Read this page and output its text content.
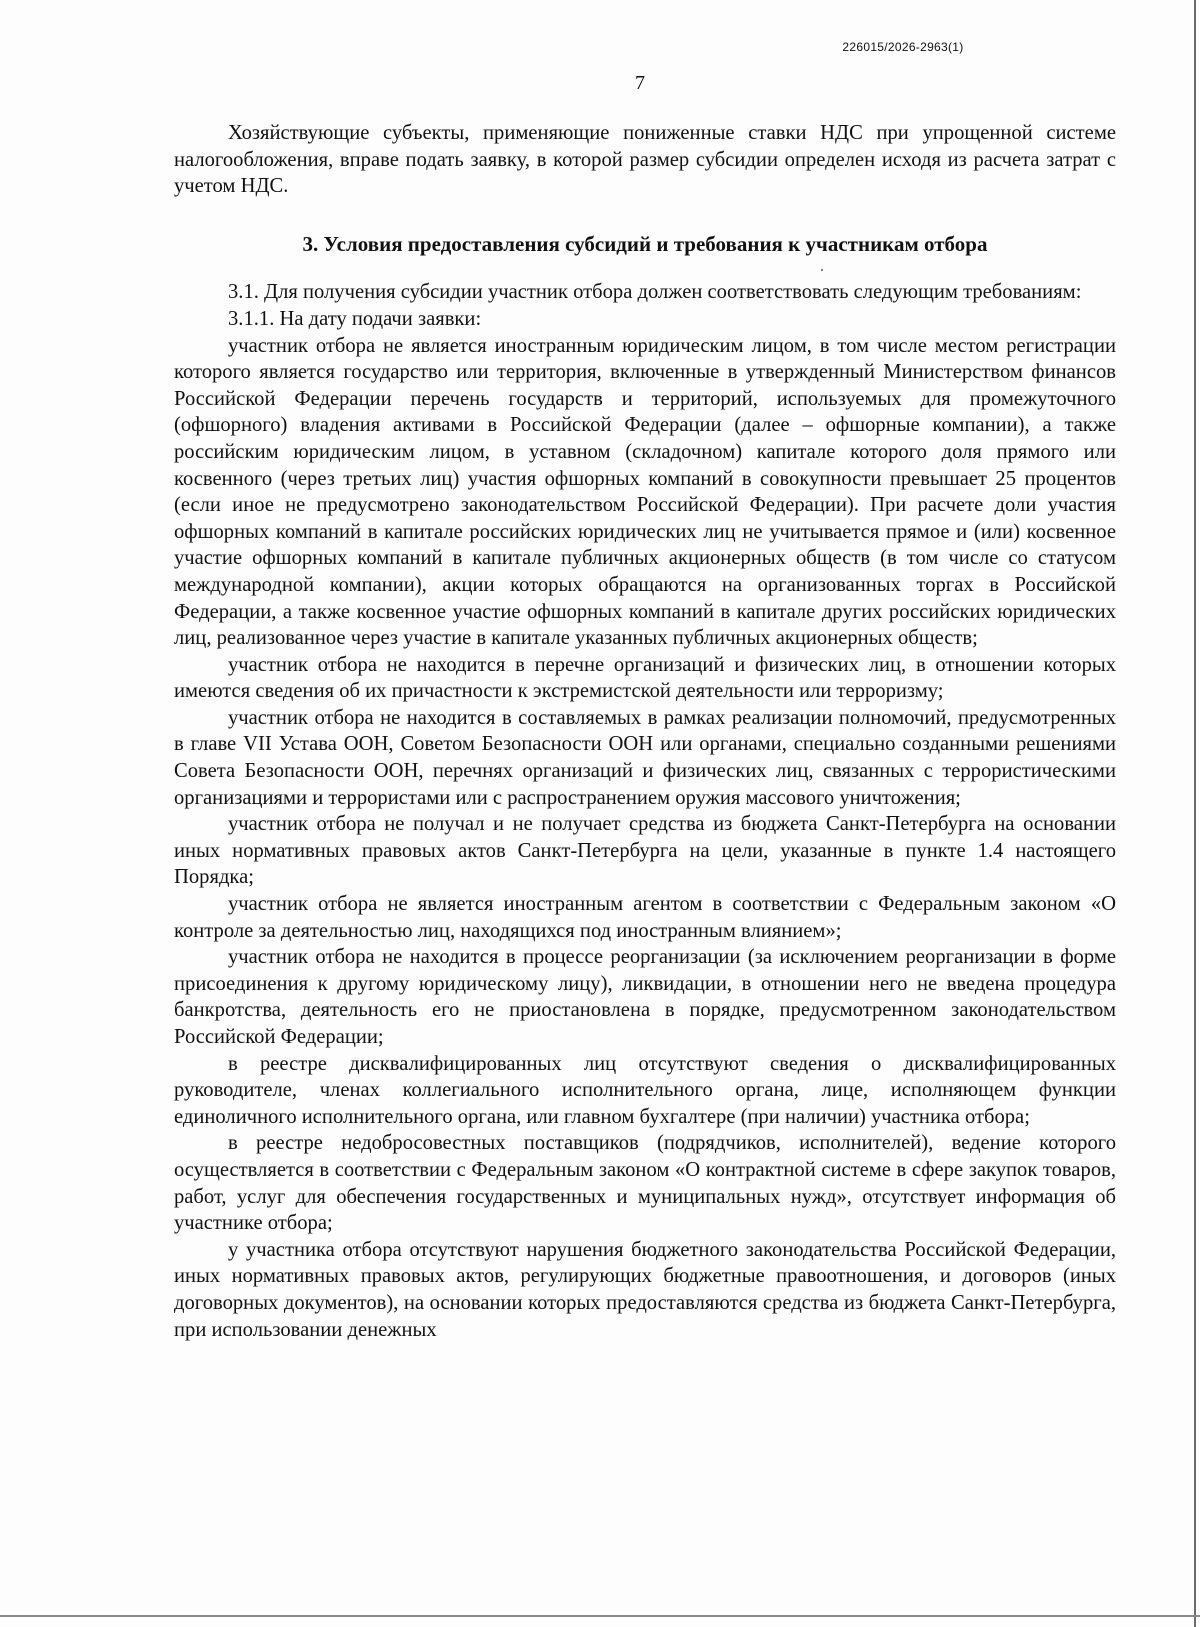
226015/2026-2963(1)
7

Хозяйствующие субъекты, применяющие пониженные ставки НДС при упрощенной системе налогообложения, вправе подать заявку, в которой размер субсидии определен исходя из расчета затрат с учетом НДС.

3. Условия предоставления субсидий и требования к участникам отбора

3.1. Для получения субсидии участник отбора должен соответствовать следующим требованиям:

3.1.1. На дату подачи заявки:

участник отбора не является иностранным юридическим лицом, в том числе местом регистрации которого является государство или территория, включенные в утвержденный Министерством финансов Российской Федерации перечень государств и территорий, используемых для промежуточного (офшорного) владения активами в Российской Федерации (далее – офшорные компании), а также российским юридическим лицом, в уставном (складочном) капитале которого доля прямого или косвенного (через третьих лиц) участия офшорных компаний в совокупности превышает 25 процентов (если иное не предусмотрено законодательством Российской Федерации). При расчете доли участия офшорных компаний в капитале российских юридических лиц не учитывается прямое и (или) косвенное участие офшорных компаний в капитале публичных акционерных обществ (в том числе со статусом международной компании), акции которых обращаются на организованных торгах в Российской Федерации, а также косвенное участие офшорных компаний в капитале других российских юридических лиц, реализованное через участие в капитале указанных публичных акционерных обществ;

участник отбора не находится в перечне организаций и физических лиц, в отношении которых имеются сведения об их причастности к экстремистской деятельности или терроризму;

участник отбора не находится в составляемых в рамках реализации полномочий, предусмотренных в главе VII Устава ООН, Советом Безопасности ООН или органами, специально созданными решениями Совета Безопасности ООН, перечнях организаций и физических лиц, связанных с террористическими организациями и террористами или с распространением оружия массового уничтожения;

участник отбора не получал и не получает средства из бюджета Санкт-Петербурга на основании иных нормативных правовых актов Санкт-Петербурга на цели, указанные в пункте 1.4 настоящего Порядка;

участник отбора не является иностранным агентом в соответствии с Федеральным законом «О контроле за деятельностью лиц, находящихся под иностранным влиянием»;

участник отбора не находится в процессе реорганизации (за исключением реорганизации в форме присоединения к другому юридическому лицу), ликвидации, в отношении него не введена процедура банкротства, деятельность его не приостановлена в порядке, предусмотренном законодательством Российской Федерации;

в реестре дисквалифицированных лиц отсутствуют сведения о дисквалифицированных руководителе, членах коллегиального исполнительного органа, лице, исполняющем функции единоличного исполнительного органа, или главном бухгалтере (при наличии) участника отбора;

в реестре недобросовестных поставщиков (подрядчиков, исполнителей), ведение которого осуществляется в соответствии с Федеральным законом «О контрактной системе в сфере закупок товаров, работ, услуг для обеспечения государственных и муниципальных нужд», отсутствует информация об участнике отбора;

у участника отбора отсутствуют нарушения бюджетного законодательства Российской Федерации, иных нормативных правовых актов, регулирующих бюджетные правоотношения, и договоров (иных договорных документов), на основании которых предоставляются средства из бюджета Санкт-Петербурга, при использовании денежных
